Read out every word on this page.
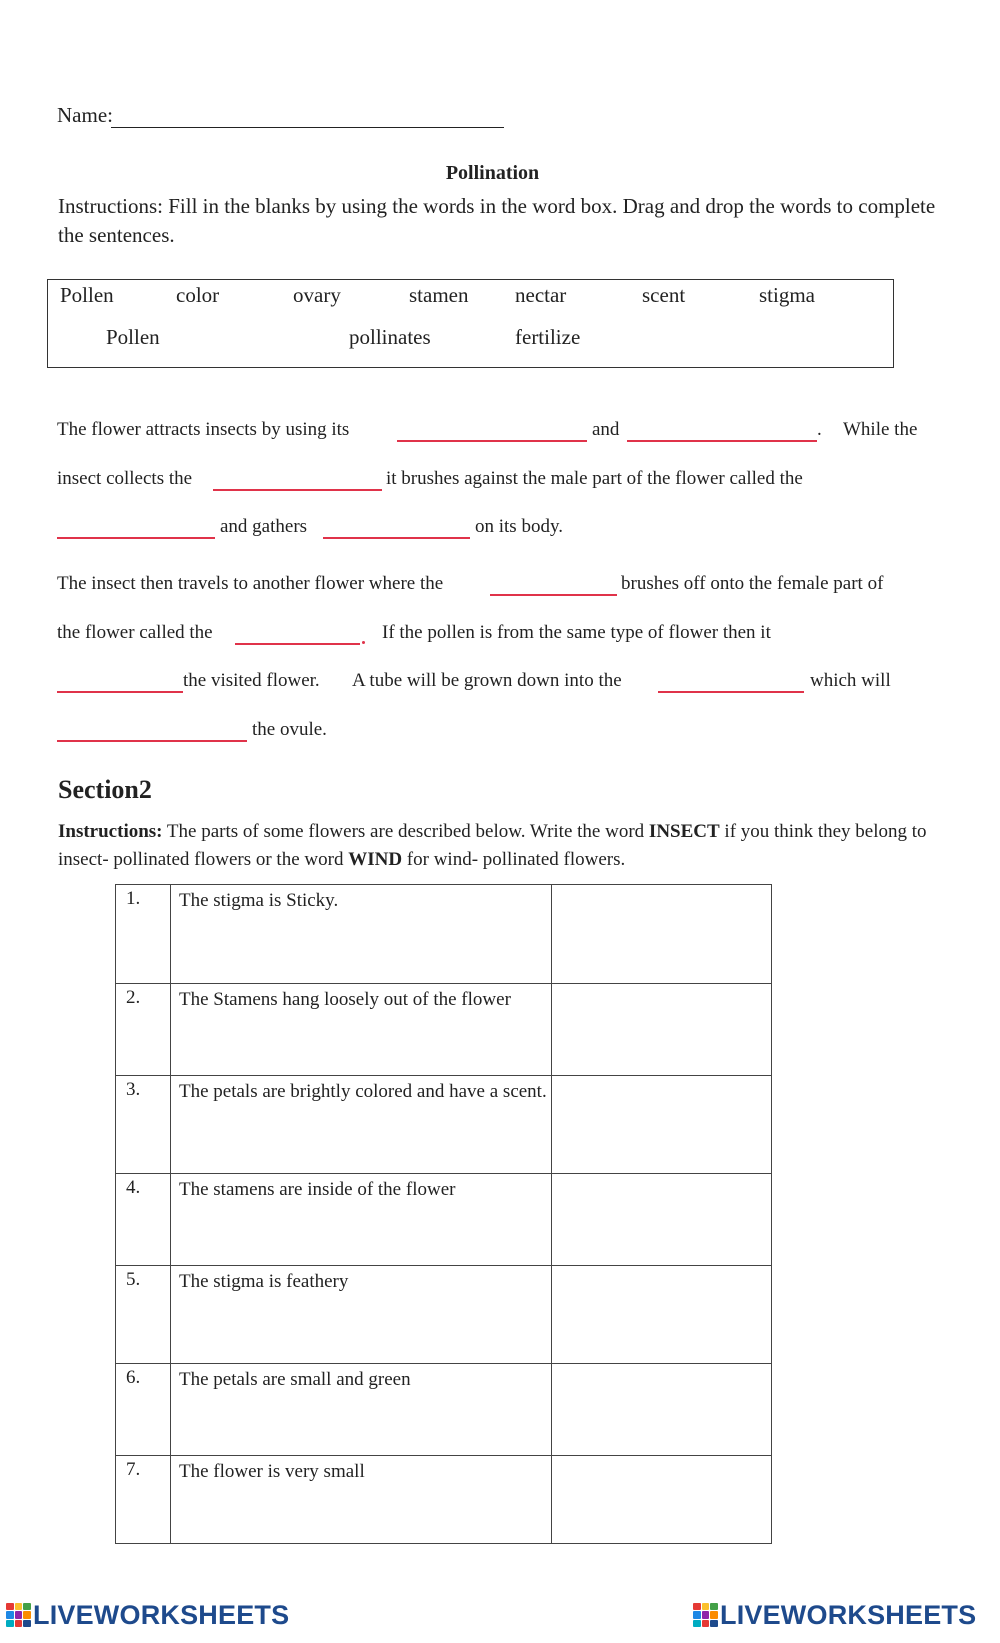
Name:
Pollination
Instructions: Fill in the blanks by using the words in the word box. Drag and drop the words to complete the sentences.
Pollen	color	ovary	stamen nectar	scent	stigma
Pollen	pollinates	fertilize
The flower attracts insects by using its	and	. While the
insect collects the	it brushes against the male part of the flower called the
and gathers	on its body.
The insect then travels to another flower where the	brushes off onto the female part of
the flower called the	If the pollen is from the same type of flower then it
the visited flower. A tube will be grown down into the	which will
the ovule.
Section2
Instructions: The parts of some flowers are described below. Write the word INSECT if you think they belong to insect- pollinated flowers or the word WIND for wind- pollinated flowers.
1. The stigma is Sticky.
2. The Stamens hang loosely out of the flower
3. The petals are brightly colored and have a scent.
4. The stamens are inside of the flower
5. The stigma is feathery
6. The petals are small and green
7. The flower is very small
LIVEWORKSHEETS	LIVEWORKSHEETS
